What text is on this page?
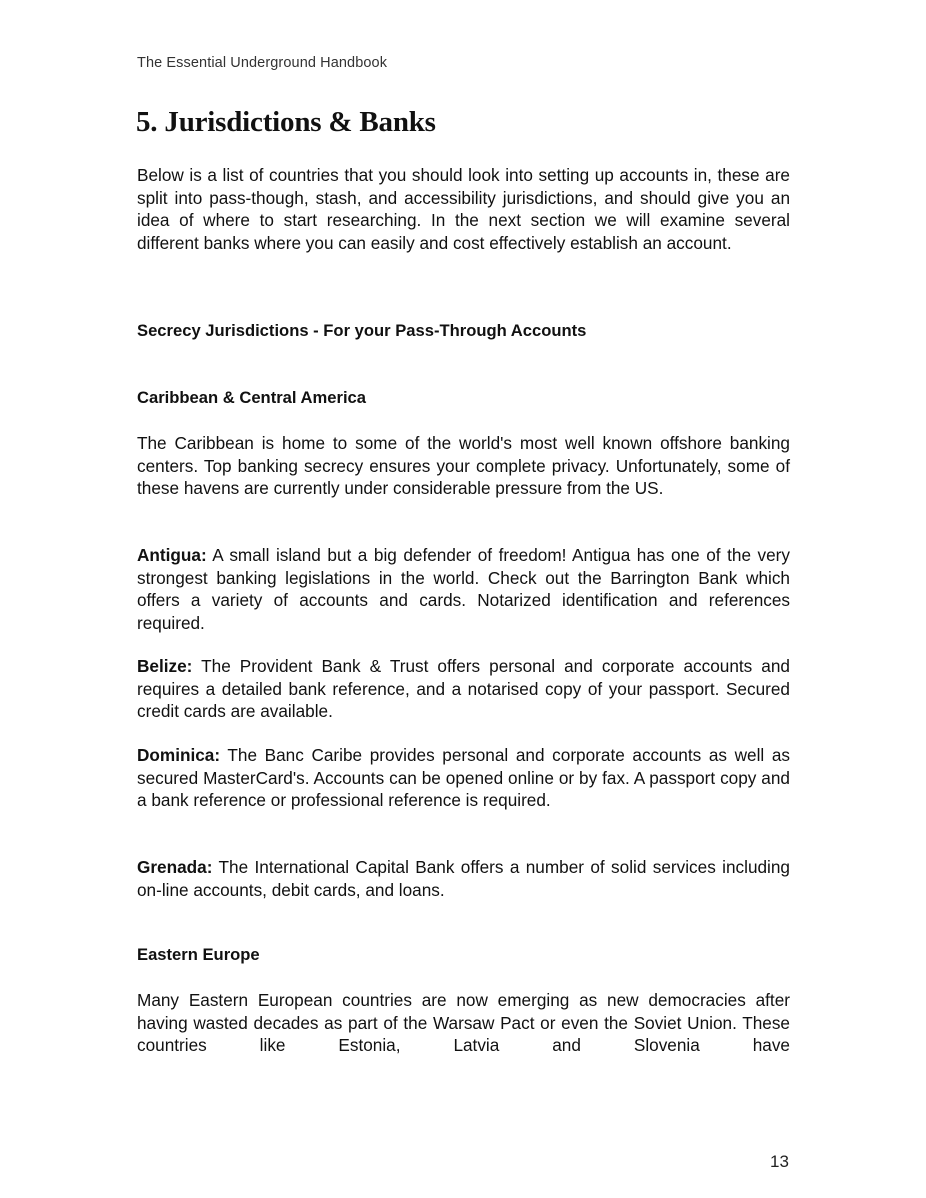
The Essential Underground Handbook
5. Jurisdictions & Banks

Below is a list of countries that you should look into setting up accounts in, these are split into pass-though, stash, and accessibility jurisdictions, and should give you an idea of where to start researching. In the next section we will examine several different banks where you can easily and cost effectively establish an account.

Secrecy Jurisdictions - For your Pass-Through Accounts
Caribbean & Central America

The Caribbean is home to some of the world's most well known offshore banking centers. Top banking secrecy ensures your complete privacy. Unfortunately, some of these havens are currently under considerable pressure from the US.

Antigua: A small island but a big defender of freedom! Antigua has one of the very strongest banking legislations in the world. Check out the Barrington Bank which offers a variety of accounts and cards. Notarized identification and references required.

Belize: The Provident Bank & Trust offers personal and corporate accounts and requires a detailed bank reference, and a notarised copy of your passport. Secured credit cards are available.

Dominica: The Banc Caribe provides personal and corporate accounts as well as secured MasterCard's. Accounts can be opened online or by fax. A passport copy and a bank reference or professional reference is required.

Grenada: The International Capital Bank offers a number of solid services including on-line accounts, debit cards, and loans.

Eastern Europe

Many Eastern European countries are now emerging as new democracies after having wasted decades as part of the Warsaw Pact or even the Soviet Union. These countries like Estonia, Latvia and Slovenia have

13
